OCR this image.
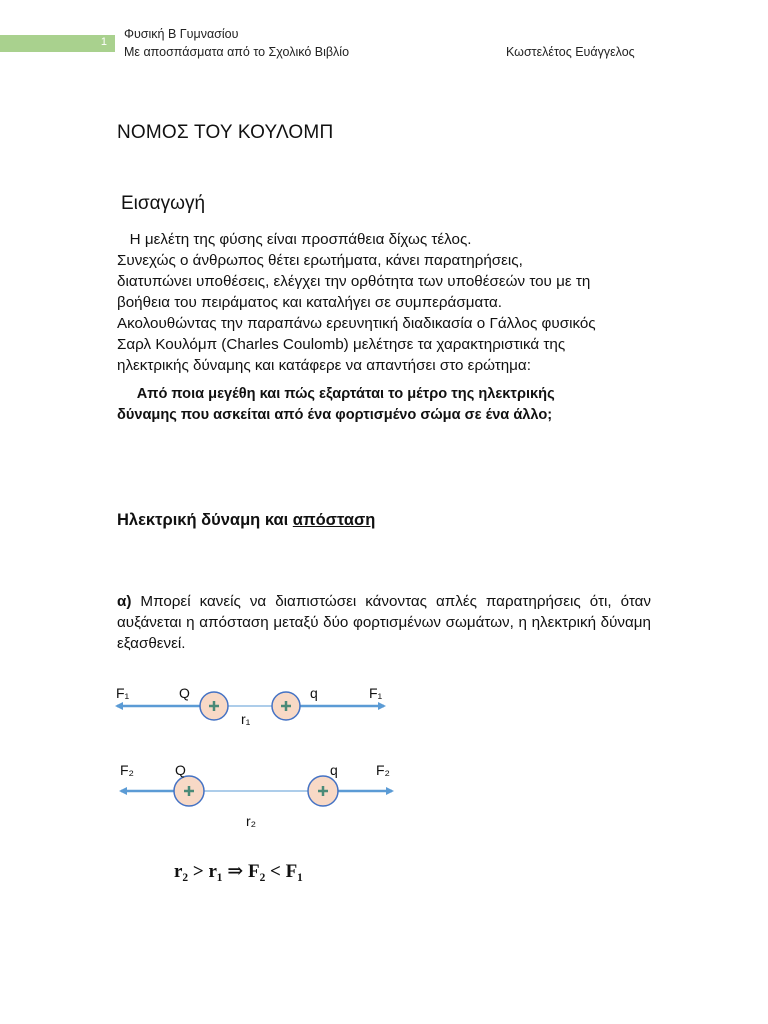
1
Φυσική Β Γυμνασίου
Με αποσπάσματα από το Σχολικό Βιβλίο	Κωστελέτος Ευάγγελος
ΝΟΜΟΣ ΤΟΥ ΚΟΥΛΟΜΠ
Εισαγωγή
Η μελέτη της φύσης είναι προσπάθεια δίχως τέλος.
Συνεχώς ο άνθρωπος θέτει ερωτήματα, κάνει παρατηρήσεις,
διατυπώνει υποθέσεις, ελέγχει την ορθότητα των υποθέσεών του με τη
βοήθεια του πειράματος και καταλήγει σε συμπεράσματα.
Ακολουθώντας την παραπάνω ερευνητική διαδικασία ο Γάλλος φυσικός
Σαρλ Κουλόμπ (Charles Coulomb) μελέτησε τα χαρακτηριστικά της
ηλεκτρικής δύναμης και κατάφερε να απαντήσει στο ερώτημα:
Από ποια μεγέθη και πώς εξαρτάται το μέτρο της ηλεκτρικής
δύναμης που ασκείται από ένα φορτισμένο σώμα σε ένα άλλο;
Ηλεκτρική δύναμη και απόσταση
α) Μπορεί κανείς να διαπιστώσει κάνοντας απλές παρατηρήσεις ότι, όταν αυξάνεται η απόσταση μεταξύ δύο φορτισμένων σωμάτων, η ηλεκτρική δύναμη εξασθενεί.
F₁	Q	q	F₁
r₁
F₂	Q	q	F₂
r₂
r₂ > r₁ ⇒ F₂ < F₁
